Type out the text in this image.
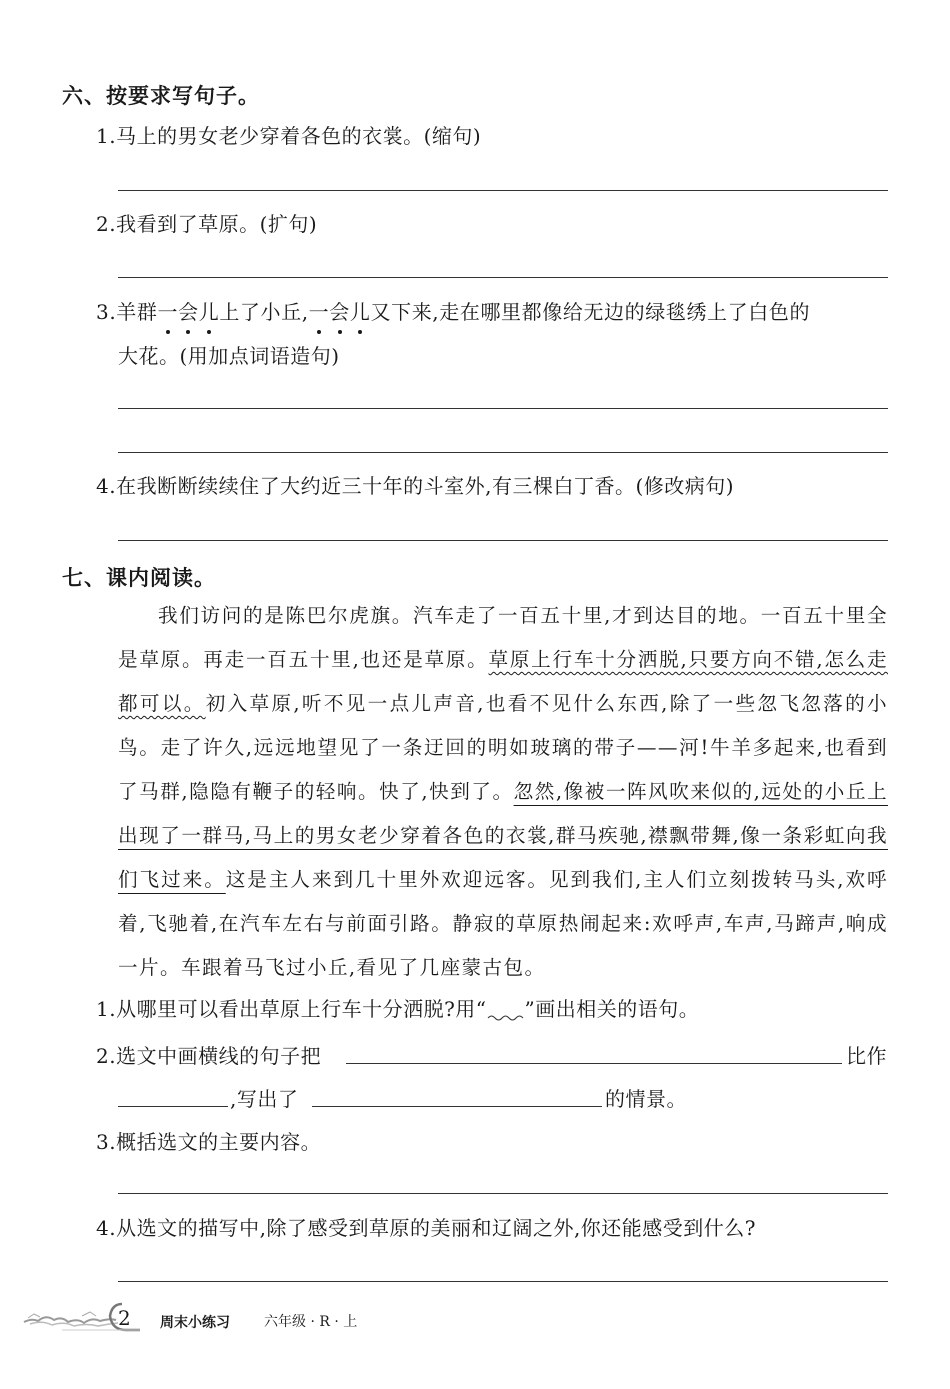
六、按要求写句子。
1.马上的男女老少穿着各色的衣裳。(缩句)
2.我看到了草原。(扩句)
3.羊群一会儿上了小丘,一会儿又下来,走在哪里都像给无边的绿毯绣上了白色的
大花。(用加点词语造句)
4.在我断断续续住了大约近三十年的斗室外,有三棵白丁香。(修改病句)
七、课内阅读。
我们访问的是陈巴尔虎旗。汽车走了一百五十里,才到达目的地。一百五十里全是草原。再走一百五十里,也还是草原。草原上行车十分洒脱,只要方向不错,怎么走都可以。初入草原,听不见一点儿声音,也看不见什么东西,除了一些忽飞忽落的小鸟。走了许久,远远地望见了一条迂回的明如玻璃的带子——河!牛羊多起来,也看到了马群,隐隐有鞭子的轻响。快了,快到了。忽然,像被一阵风吹来似的,远处的小丘上出现了一群马,马上的男女老少穿着各色的衣裳,群马疾驰,襟飘带舞,像一条彩虹向我们飞过来。这是主人来到几十里外欢迎远客。见到我们,主人们立刻拨转马头,欢呼着,飞驰着,在汽车左右与前面引路。静寂的草原热闹起来:欢呼声,车声,马蹄声,响成一片。车跟着马飞过小丘,看见了几座蒙古包。
1.从哪里可以看出草原上行车十分洒脱?用“ ”画出相关的语句。
2.选文中画横线的句子把	比作
,写出了	的情景。
3.概括选文的主要内容。
4.从选文的描写中,除了感受到草原的美丽和辽阔之外,你还能感受到什么?
2 周末小练习 六年级 · R · 上
